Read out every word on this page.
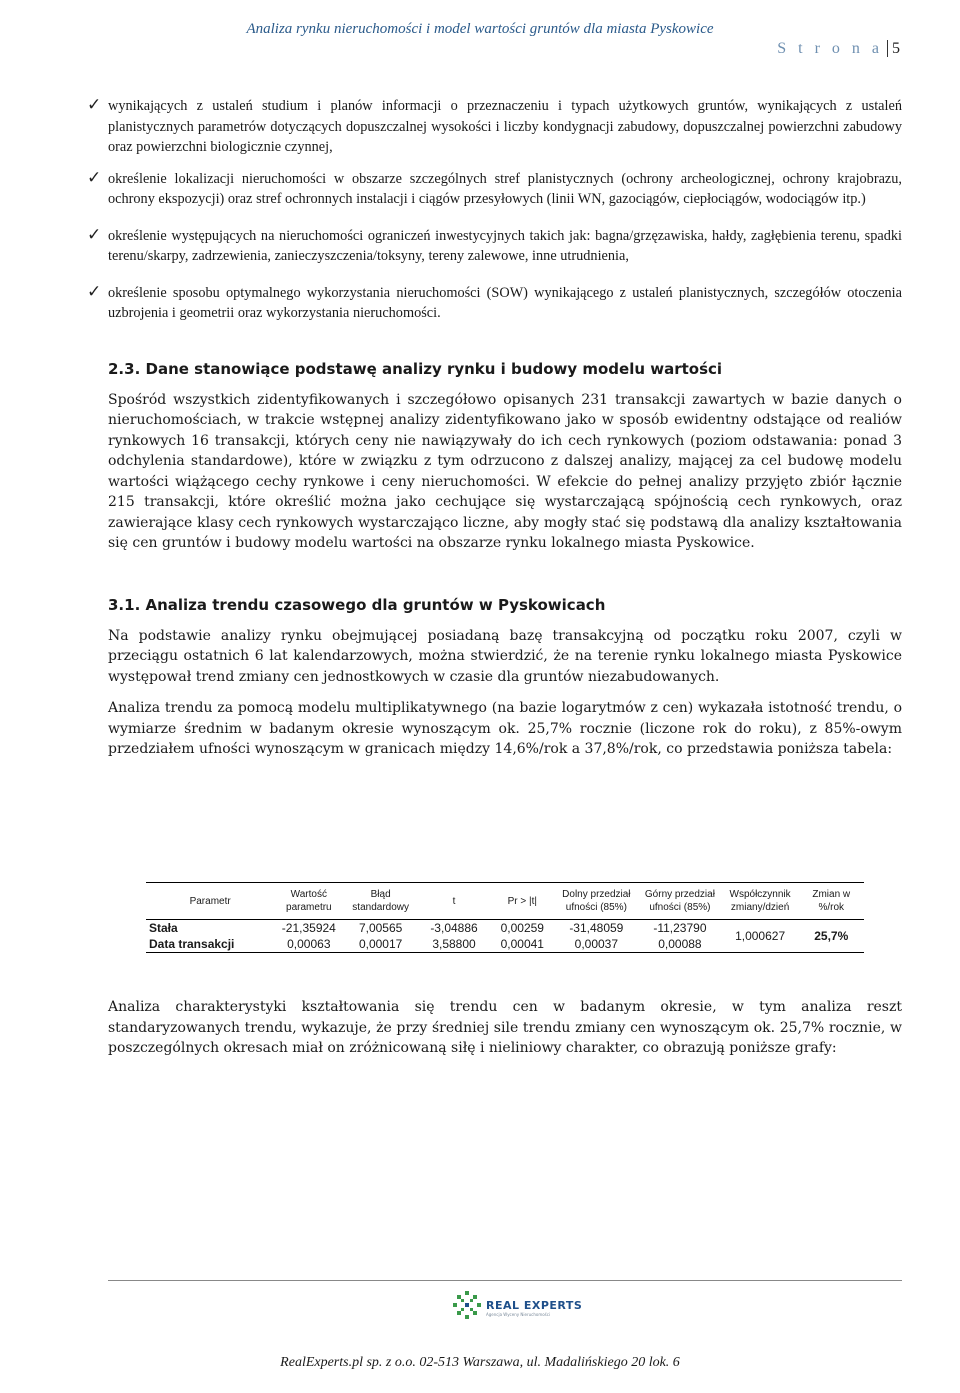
Analiza rynku nieruchomości i model wartości gruntów dla miasta Pyskowice
S t r o n a 5
✓ wynikających z ustaleń studium i planów informacji o przeznaczeniu i typach użytkowych gruntów, wynikających z ustaleń planistycznych parametrów dotyczących dopuszczalnej wysokości i liczby kondygnacji zabudowy, dopuszczalnej powierzchni zabudowy oraz powierzchni biologicznie czynnej,
✓ określenie lokalizacji nieruchomości w obszarze szczególnych stref planistycznych (ochrony archeologicznej, ochrony krajobrazu, ochrony ekspozycji) oraz stref ochronnych instalacji i ciągów przesyłowych (linii WN, gazociągów, ciepłociągów, wodociągów itp.)
✓ określenie występujących na nieruchomości ograniczeń inwestycyjnych takich jak: bagna/grzęzawiska, hałdy, zagłębienia terenu, spadki terenu/skarpy, zadrzewienia, zanieczyszczenia/toksyny, tereny zalewowe, inne utrudnienia,
✓ określenie sposobu optymalnego wykorzystania nieruchomości (SOW) wynikającego z ustaleń planistycznych, szczegółów otoczenia uzbrojenia i geometrii oraz wykorzystania nieruchomości.
2.3. Dane stanowiące podstawę analizy rynku i budowy modelu wartości

Spośród wszystkich zidentyfikowanych i szczegółowo opisanych 231 transakcji zawartych w bazie danych o nieruchomościach, w trakcie wstępnej analizy zidentyfikowano jako w sposób ewidentny odstające od realiów rynkowych 16 transakcji, których ceny nie nawiązywały do ich cech rynkowych (poziom odstawania: ponad 3 odchylenia standardowe), które w związku z tym odrzucono z dalszej analizy, mającej za cel budowę modelu wartości wiążącego cechy rynkowe i ceny nieruchomości. W efekcie do pełnej analizy przyjęto zbiór łącznie 215 transakcji, które określić można jako cechujące się wystarczającą spójnością cech rynkowych, oraz zawierające klasy cech rynkowych wystarczająco liczne, aby mogły stać się podstawą dla analizy kształtowania się cen gruntów i budowy modelu wartości na obszarze rynku lokalnego miasta Pyskowice.

3.1. Analiza trendu czasowego dla gruntów w Pyskowicach

Na podstawie analizy rynku obejmującej posiadaną bazę transakcyjną od początku roku 2007, czyli w przeciągu ostatnich 6 lat kalendarzowych, można stwierdzić, że na terenie rynku lokalnego miasta Pyskowice występował trend zmiany cen jednostkowych w czasie dla gruntów niezabudowanych.

Analiza trendu za pomocą modelu multiplikatywnego (na bazie logarytmów z cen) wykazała istotność trendu, o wymiarze średnim w badanym okresie wynoszącym ok. 25,7% rocznie (liczone rok do roku), z 85%-owym przedziałem ufności wynoszącym w granicach między 14,6%/rok a 37,8%/rok, co przedstawia poniższa tabela:

Parametr	Wartość parametru	Błąd standardowy	t	Pr > |t|	Dolny przedział ufności (85%)	Górny przedział ufności (85%)	Współczynnik zmiany/dzień	Zmian w %/rok
Stała	-21,35924	7,00565	-3,04886	0,00259	-31,48059	-11,23790	1,000627	25,7%
Data transakcji	0,00063	0,00017	3,58800	0,00041	0,00037	0,00088		

Analiza charakterystyki kształtowania się trendu cen w badanym okresie, w tym analiza reszt standaryzowanych trendu, wykazuje, że przy średniej sile trendu zmiany cen wynoszącym ok. 25,7% rocznie, w poszczególnych okresach miał on zróżnicowaną siłę i nieliniowy charakter, co obrazują poniższe grafy:

REAL EXPERTS
Agencja Wyceny Nieruchomości
RealExperts.pl sp. z o.o. 02-513 Warszawa, ul. Madalińskiego 20 lok. 6
